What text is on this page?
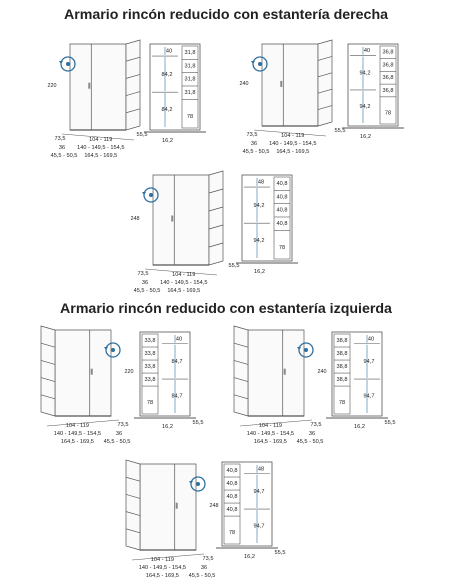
Armario rincón reducido con estantería derecha
Armario rincón reducido con estantería izquierda
220
73,5	104 - 119
36 140 - 149,5 - 154,5
45,5 - 50,5 164,5 - 169,5
31,8
31,8
31,8
31,8
78
40
84,2
84,2
55,5
16,2
240
73,5	104 - 119
36 140 - 149,5 - 154,5
45,5 - 50,5 164,5 - 169,5
36,8
36,8
36,8
36,8
78
40
94,2
94,2
55,5
16,2
248
73,5	104 - 119
36 140 - 149,5 - 154,5
45,5 - 50,5 164,5 - 169,5
40,8
40,8
40,8
40,8
78
48
94,2
94,2
55,5
16,2
33,8
33,8
33,8
33,8
78
40
84,7
84,7
55,5
16,2
220
73,5
104 - 119
36
140 - 149,5 - 154,5
45,5 - 50,5
164,5 - 169,5
38,8
38,8
38,8
38,8
78
40
94,7
94,7
55,5
16,2
240
73,5
104 - 119
36
140 - 149,5 - 154,5
45,5 - 50,5
164,5 - 169,5
40,8
40,8
40,8
40,8
78
48
94,7
94,7
55,5
16,2
248
73,5
104 - 119
36
140 - 149,5 - 154,5
45,5 - 50,5
164,5 - 169,5
